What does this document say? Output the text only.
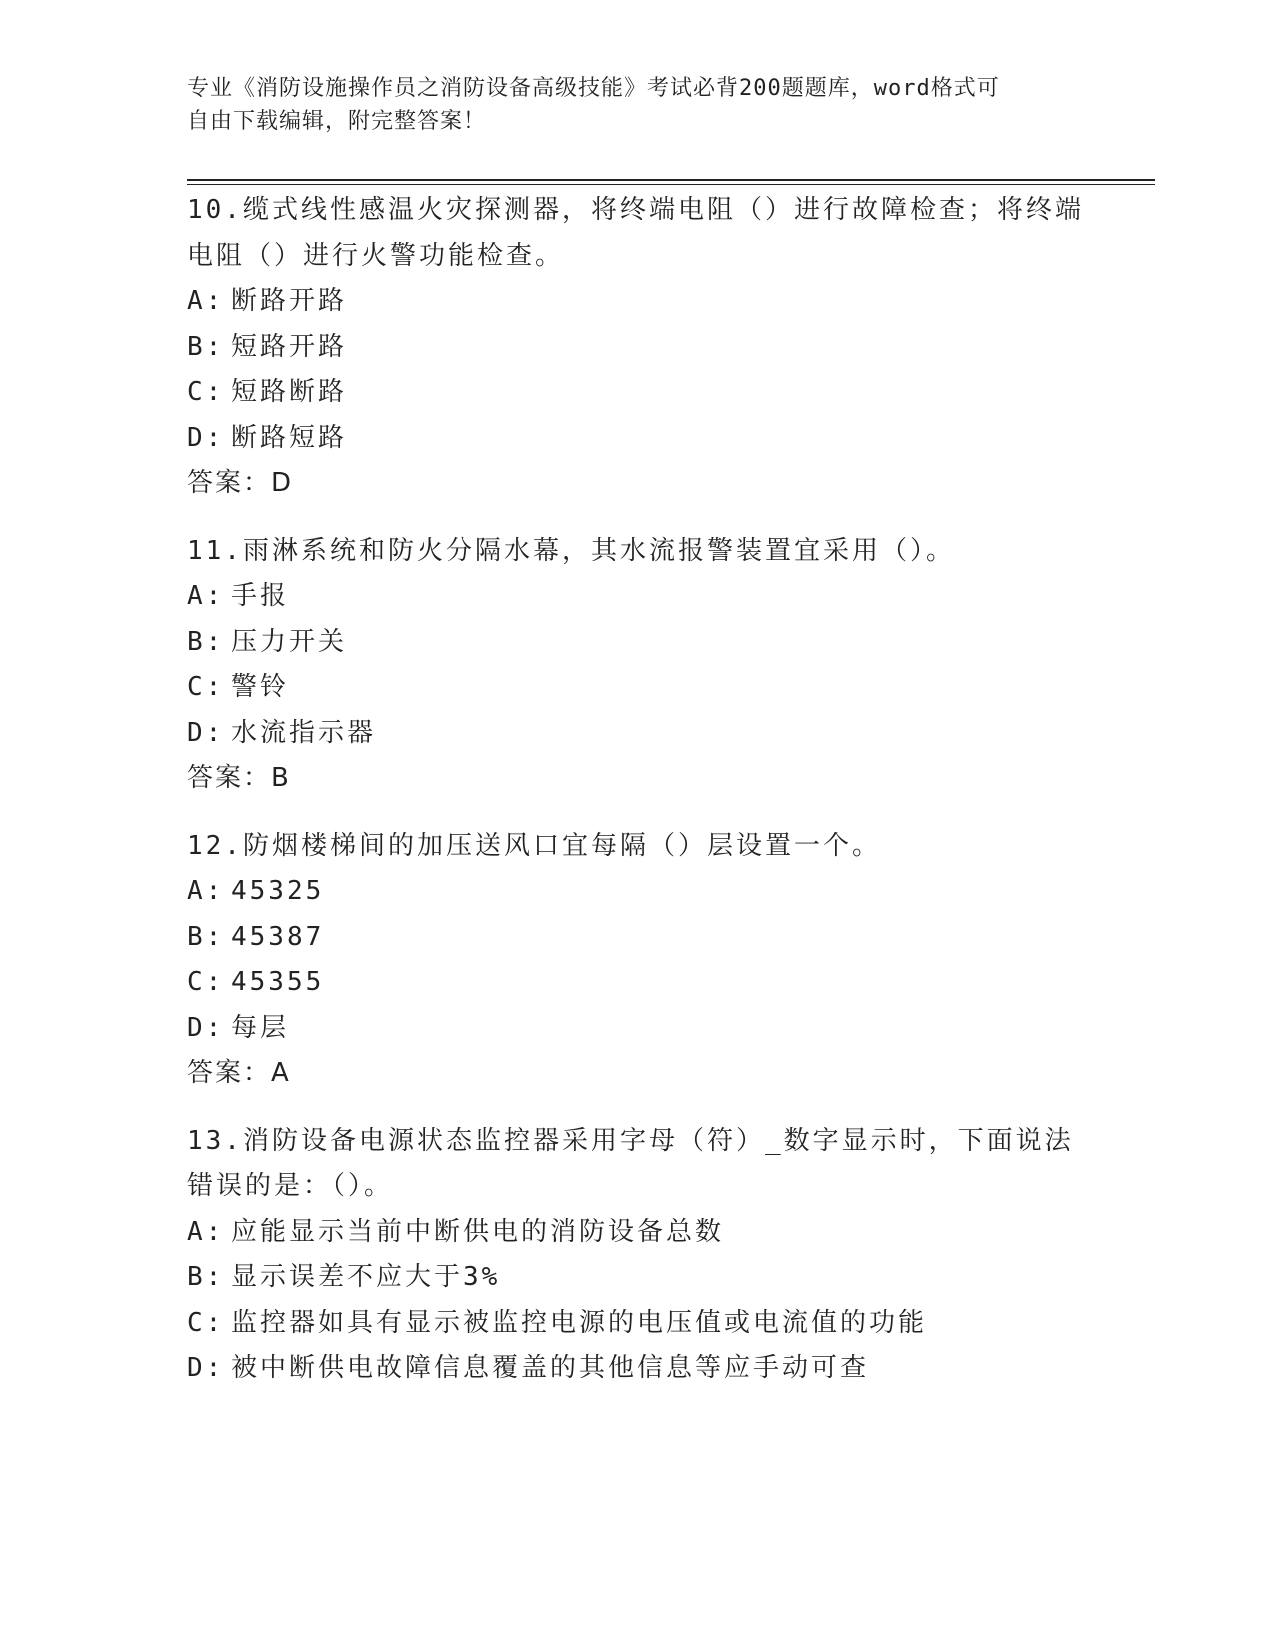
专业《消防设施操作员之消防设备高级技能》考试必背200题题库，word格式可
自由下载编辑，附完整答案！
10.缆式线性感温火灾探测器，将终端电阻（）进行故障检查；将终端
电阻（）进行火警功能检查。
A: 断路开路
B: 短路开路
C: 短路断路
D: 断路短路
答案：D
11.雨淋系统和防火分隔水幕，其水流报警装置宜采用（）。
A: 手报
B: 压力开关
C: 警铃
D: 水流指示器
答案：B
12.防烟楼梯间的加压送风口宜每隔（）层设置一个。
A: 45325
B: 45387
C: 45355
D: 每层
答案：A
13.消防设备电源状态监控器采用字母（符）_数字显示时，下面说法
错误的是：（）。
A: 应能显示当前中断供电的消防设备总数
B: 显示误差不应大于3%
C: 监控器如具有显示被监控电源的电压值或电流值的功能
D: 被中断供电故障信息覆盖的其他信息等应手动可查
